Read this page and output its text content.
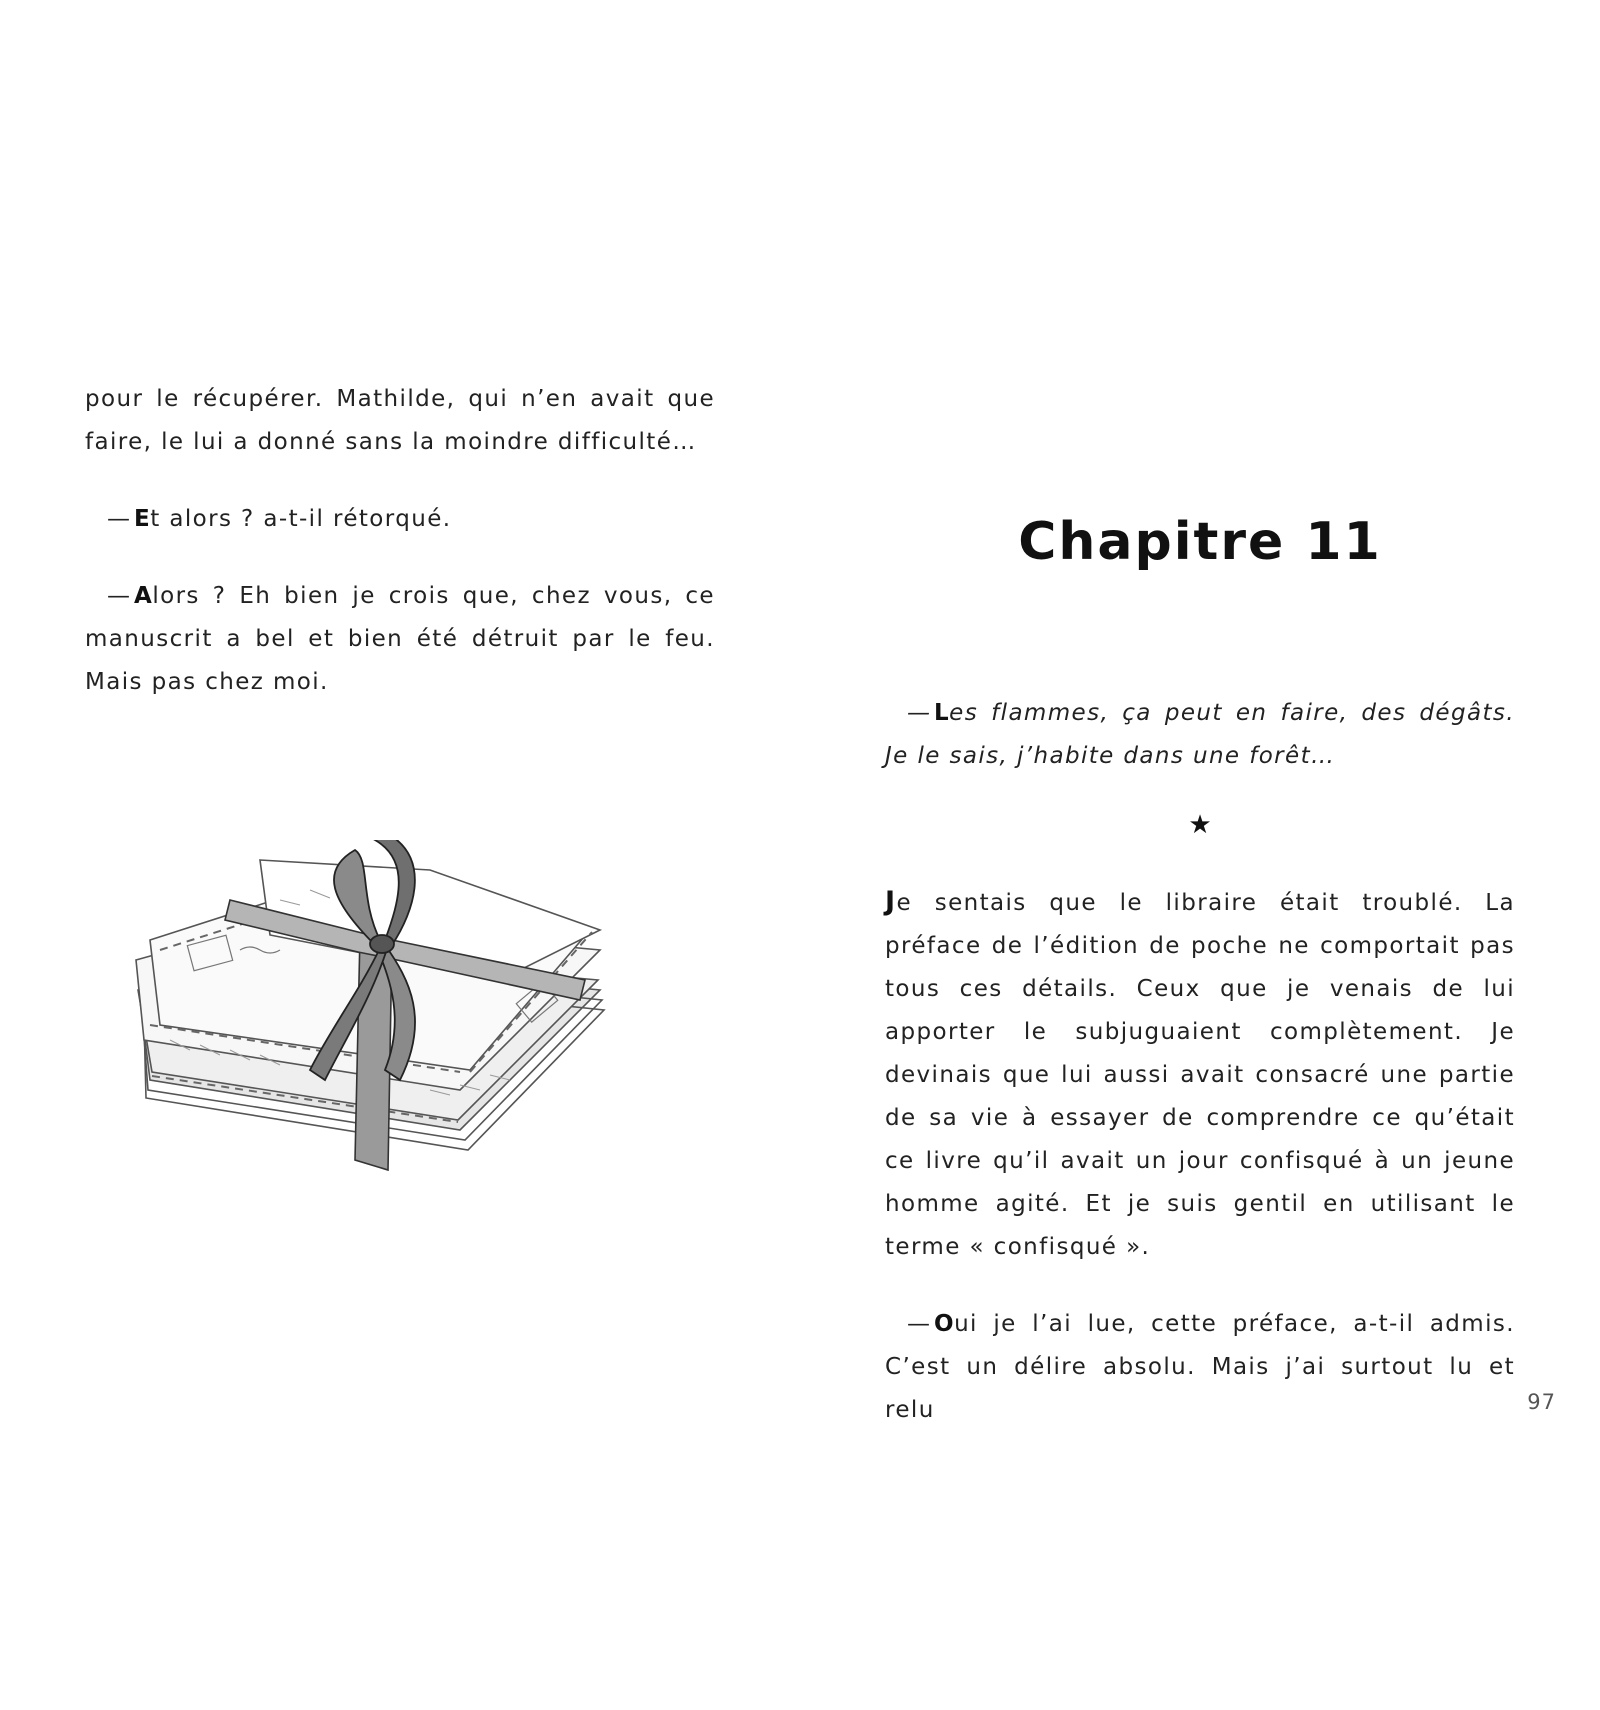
pour le récupérer. Mathilde, qui n’en avait que faire, le lui a donné sans la moindre difficulté…

— Et alors ? a-t-il rétorqué.

— Alors ? Eh bien je crois que, chez vous, ce manuscrit a bel et bien été détruit par le feu. Mais pas chez moi.

Chapitre 11

— Les flammes, ça peut en faire, des dégâts. Je le sais, j’habite dans une forêt…

★

Je sentais que le libraire était troublé. La préface de l’édition de poche ne comportait pas tous ces détails. Ceux que je venais de lui apporter le subjuguaient complètement. Je devinais que lui aussi avait consacré une partie de sa vie à essayer de comprendre ce qu’était ce livre qu’il avait un jour confisqué à un jeune homme agité. Et je suis gentil en utilisant le terme « confisqué ».

— Oui je l’ai lue, cette préface, a-t-il admis. C’est un délire absolu. Mais j’ai surtout lu et relu	97
